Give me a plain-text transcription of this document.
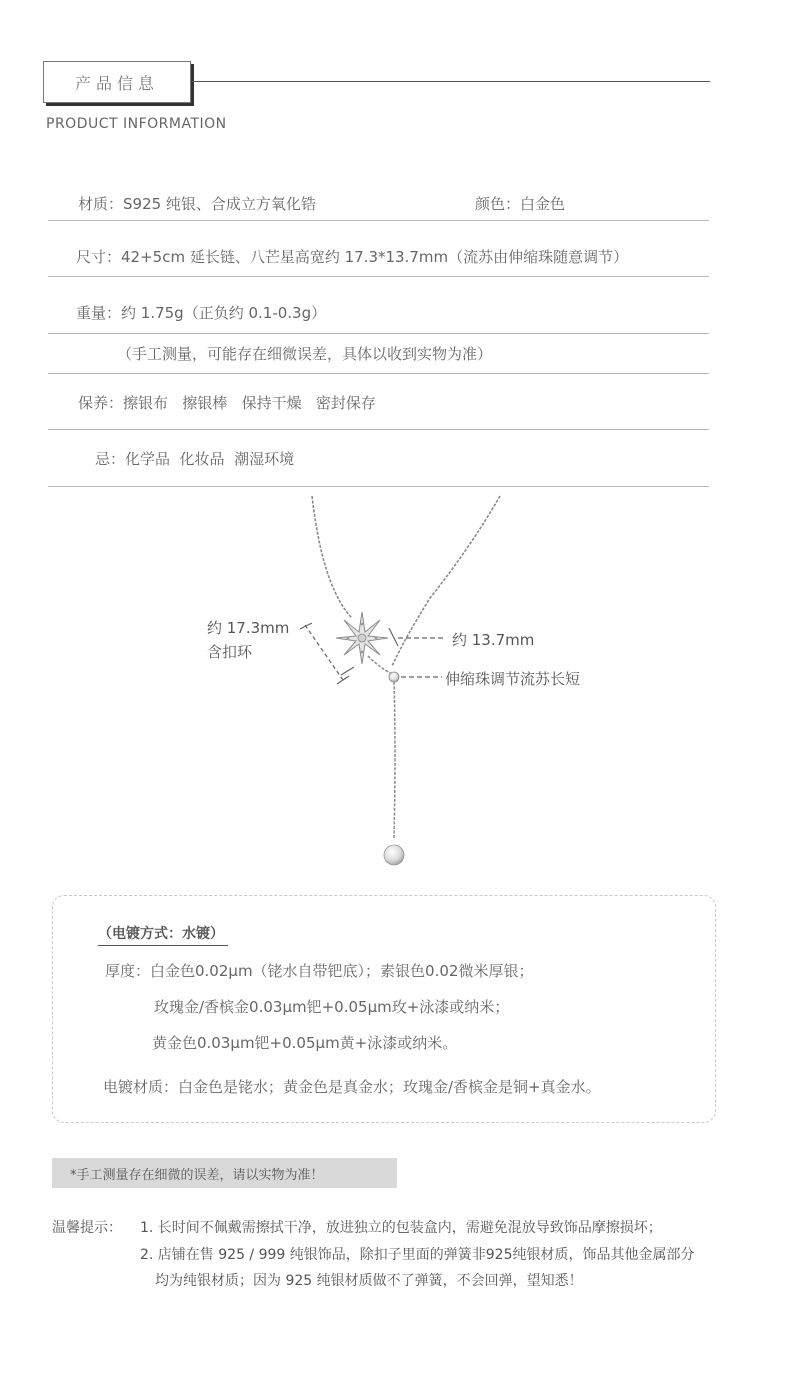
产品信息
PRODUCT INFORMATION
材质：S925 纯银、合成立方氧化锆	颜色：白金色
尺寸：42+5cm 延长链、八芒星高宽约 17.3*13.7mm（流苏由伸缩珠随意调节）
重量：约 1.75g（正负约 0.1-0.3g）
（手工测量，可能存在细微误差，具体以收到实物为准）
保养：擦银布   擦银棒   保持干燥   密封保存
忌：化学品  化妆品  潮湿环境
约 17.3mm
含扣环
约 13.7mm
伸缩珠调节流苏长短
（电镀方式：水镀）
厚度：白金色0.02μm（铑水自带钯底）；素银色0.02微米厚银；
玫瑰金/香槟金0.03μm钯+0.05μm玫+泳漆或纳米；
黄金色0.03μm钯+0.05μm黄+泳漆或纳米。
电镀材质：白金色是铑水；黄金色是真金水；玫瑰金/香槟金是铜+真金水。
*手工测量存在细微的误差，请以实物为准！
温馨提示： 1. 长时间不佩戴需擦拭干净，放进独立的包装盒内，需避免混放导致饰品摩擦损坏；
2. 店铺在售 925 / 999 纯银饰品，除扣子里面的弹簧非925纯银材质，饰品其他金属部分
均为纯银材质；因为 925 纯银材质做不了弹簧，不会回弹，望知悉！
